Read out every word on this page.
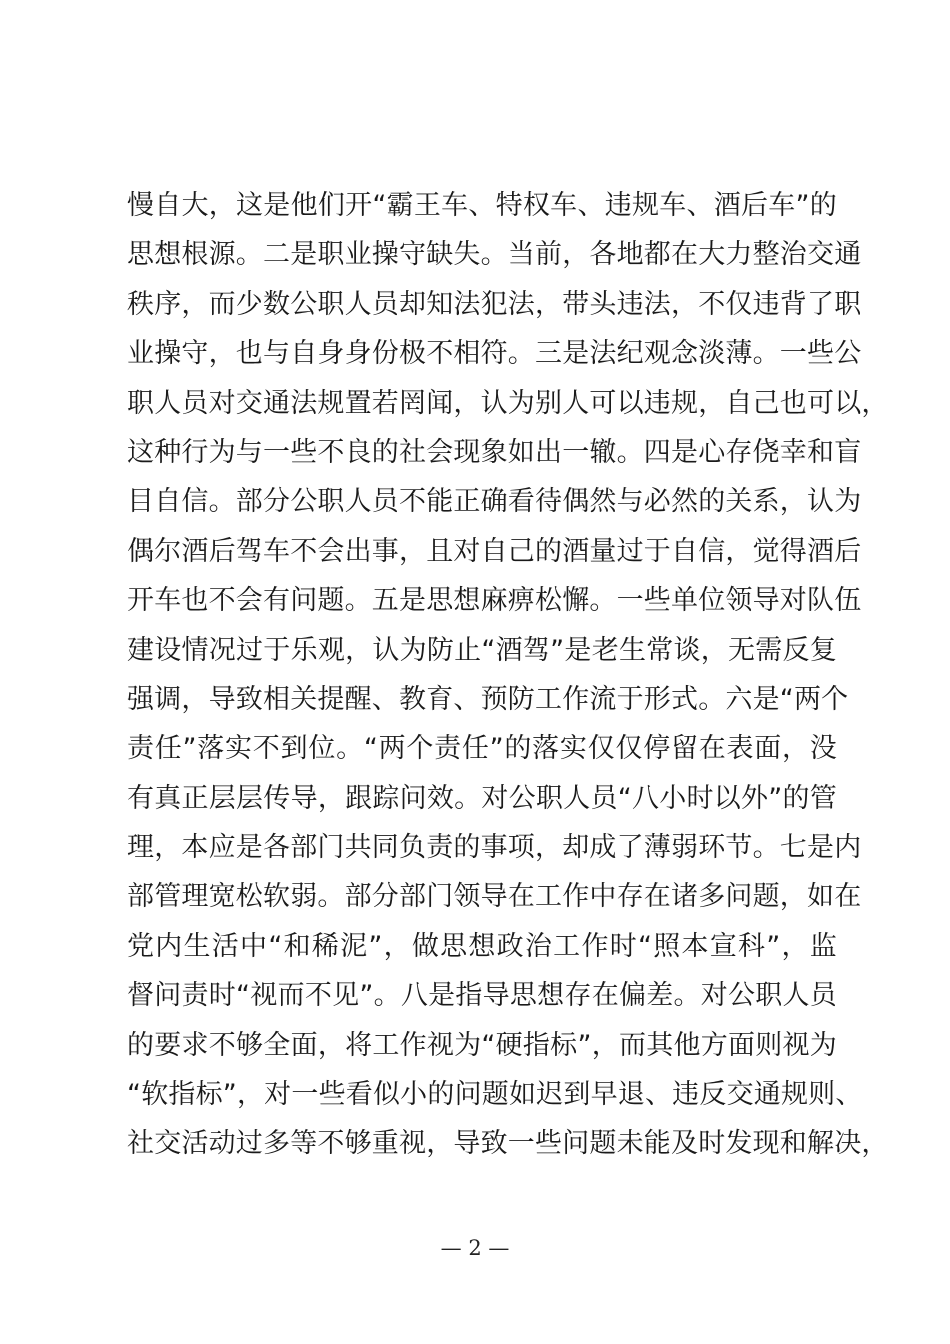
慢自大，这是他们开“霸王车、特权车、违规车、酒后车”的
思想根源。二是职业操守缺失。当前，各地都在大力整治交通
秩序，而少数公职人员却知法犯法，带头违法，不仅违背了职
业操守，也与自身身份极不相符。三是法纪观念淡薄。一些公
职人员对交通法规置若罔闻，认为别人可以违规，自己也可以，
这种行为与一些不良的社会现象如出一辙。四是心存侥幸和盲
目自信。部分公职人员不能正确看待偶然与必然的关系，认为
偶尔酒后驾车不会出事，且对自己的酒量过于自信，觉得酒后
开车也不会有问题。五是思想麻痹松懈。一些单位领导对队伍
建设情况过于乐观，认为防止“酒驾”是老生常谈，无需反复
强调，导致相关提醒、教育、预防工作流于形式。六是“两个
责任”落实不到位。“两个责任”的落实仅仅停留在表面，没
有真正层层传导，跟踪问效。对公职人员“八小时以外”的管
理，本应是各部门共同负责的事项，却成了薄弱环节。七是内
部管理宽松软弱。部分部门领导在工作中存在诸多问题，如在
党内生活中“和稀泥”，做思想政治工作时“照本宣科”，监
督问责时“视而不见”。八是指导思想存在偏差。对公职人员
的要求不够全面，将工作视为“硬指标”，而其他方面则视为
“软指标”，对一些看似小的问题如迟到早退、违反交通规则、
社交活动过多等不够重视，导致一些问题未能及时发现和解决，
— 2 —
